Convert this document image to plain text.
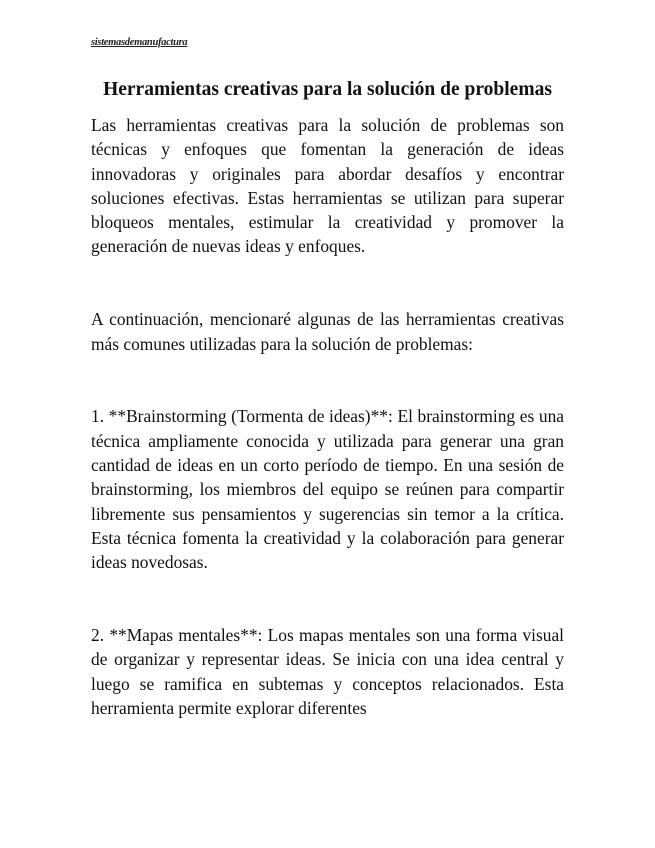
sistemasdemanufactura

Herramientas creativas para la solución de problemas

Las herramientas creativas para la solución de problemas son técnicas y enfoques que fomentan la generación de ideas innovadoras y originales para abordar desafíos y encontrar soluciones efectivas. Estas herramientas se utilizan para superar bloqueos mentales, estimular la creatividad y promover la generación de nuevas ideas y enfoques.

A continuación, mencionaré algunas de las herramientas creativas más comunes utilizadas para la solución de problemas:

1. **Brainstorming (Tormenta de ideas)**: El brainstorming es una técnica ampliamente conocida y utilizada para generar una gran cantidad de ideas en un corto período de tiempo. En una sesión de brainstorming, los miembros del equipo se reúnen para compartir libremente sus pensamientos y sugerencias sin temor a la crítica. Esta técnica fomenta la creatividad y la colaboración para generar ideas novedosas.

2. **Mapas mentales**: Los mapas mentales son una forma visual de organizar y representar ideas. Se inicia con una idea central y luego se ramifica en subtemas y conceptos relacionados. Esta herramienta permite explorar diferentes
